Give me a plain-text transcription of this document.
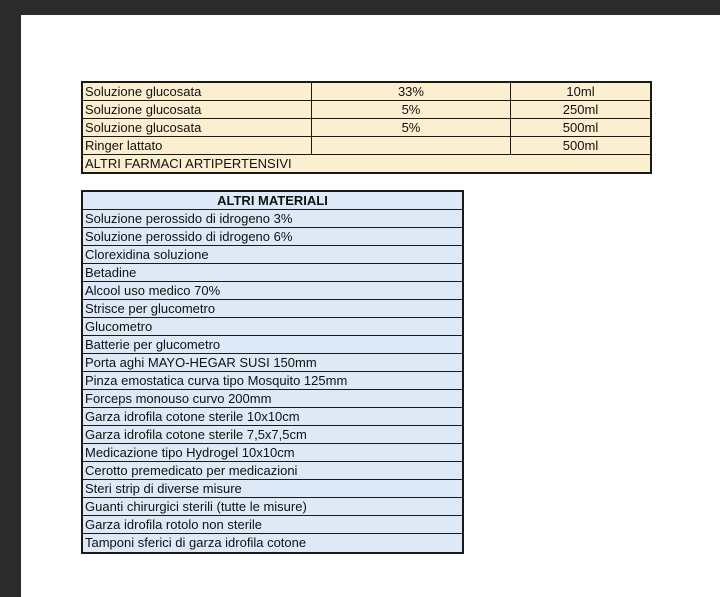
Soluzione glucosata	33%	10ml
Soluzione glucosata	5%	250ml
Soluzione glucosata	5%	500ml
Ringer lattato		500ml
ALTRI FARMACI ARTIPERTENSIVI		
ALTRI MATERIALI
Soluzione perossido di idrogeno 3%
Soluzione perossido di idrogeno 6%
Clorexidina soluzione
Betadine
Alcool uso medico 70%
Strisce per glucometro
Glucometro
Batterie per glucometro
Porta aghi MAYO-HEGAR SUSI 150mm
Pinza emostatica curva tipo Mosquito 125mm
Forceps monouso curvo 200mm
Garza idrofila cotone sterile 10x10cm
Garza idrofila cotone sterile 7,5x7,5cm
Medicazione tipo Hydrogel 10x10cm
Cerotto premedicato per medicazioni
Steri strip di diverse misure
Guanti chirurgici sterili (tutte le misure)
Garza idrofila rotolo non sterile
Tamponi sferici di garza idrofila cotone
